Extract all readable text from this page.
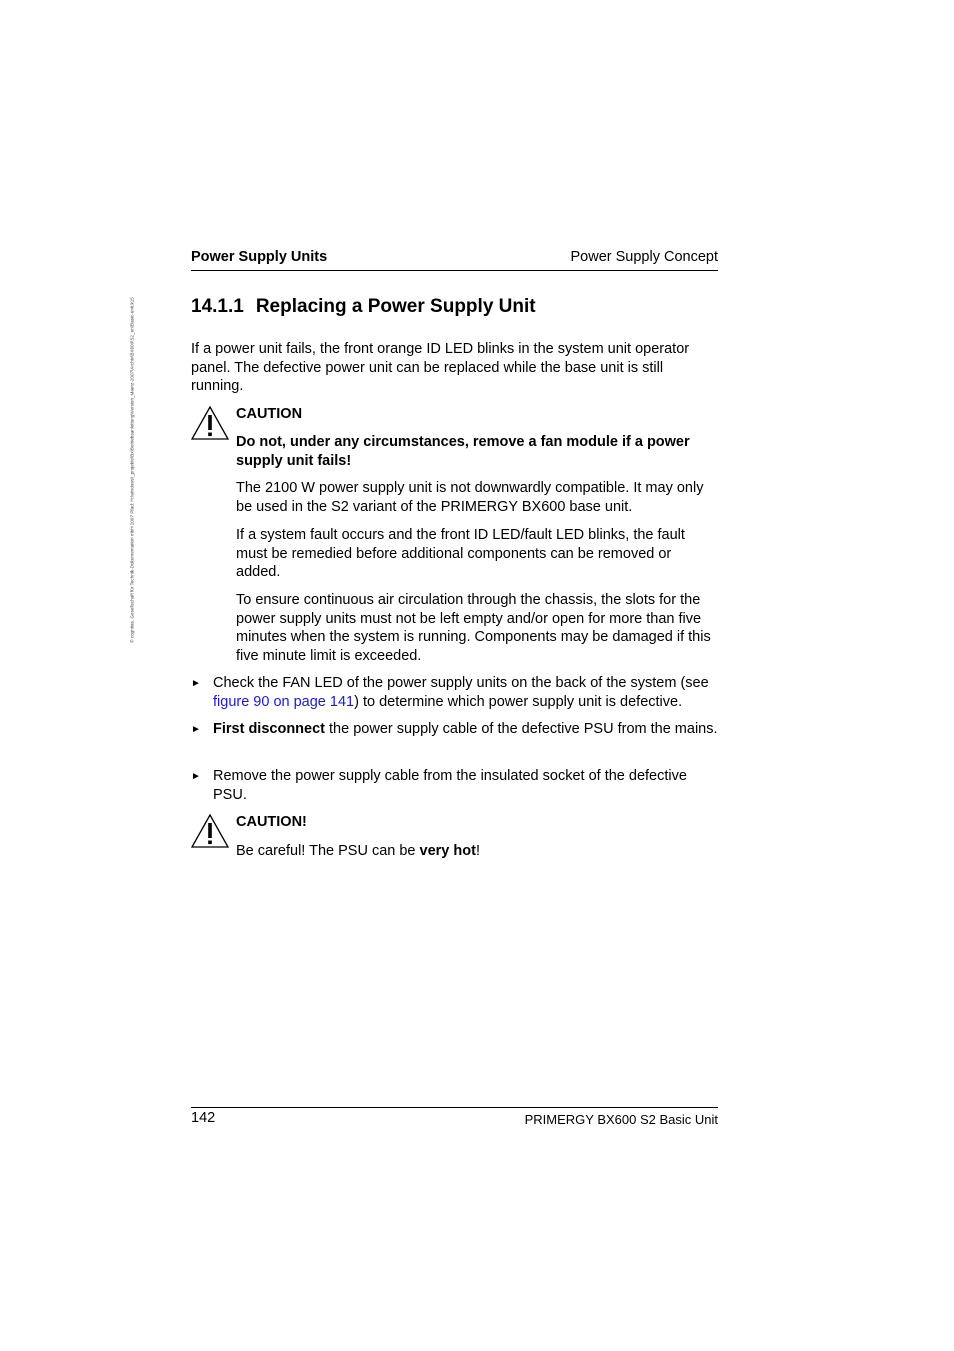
© cognitas. Gesellschaft für Technik-Dokumentation mbH 2007 Pfad: H:\windows\_projekte\Bx\Betriebsanleitung\Version_Maerz-2007\Archiv\BX600\S2_en\Basic-unit.k15
Power Supply Units	Power Supply Concept
14.1.1 Replacing a Power Supply Unit
If a power unit fails, the front orange ID LED blinks in the system unit operator panel. The defective power unit can be replaced while the base unit is still running.
CAUTION
Do not, under any circumstances, remove a fan module if a power supply unit fails!
The 2100 W power supply unit is not downwardly compatible. It may only be used in the S2 variant of the PRIMERGY BX600 base unit.
If a system fault occurs and the front ID LED/fault LED blinks, the fault must be remedied before additional components can be removed or added.
To ensure continuous air circulation through the chassis, the slots for the power supply units must not be left empty and/or open for more than five minutes when the system is running. Components may be damaged if this five minute limit is exceeded.
► Check the FAN LED of the power supply units on the back of the system (see figure 90 on page 141) to determine which power supply unit is defective.
► First disconnect the power supply cable of the defective PSU from the mains.
► Remove the power supply cable from the insulated socket of the defective PSU.
CAUTION!
Be careful! The PSU can be very hot!
142	PRIMERGY BX600 S2 Basic Unit
